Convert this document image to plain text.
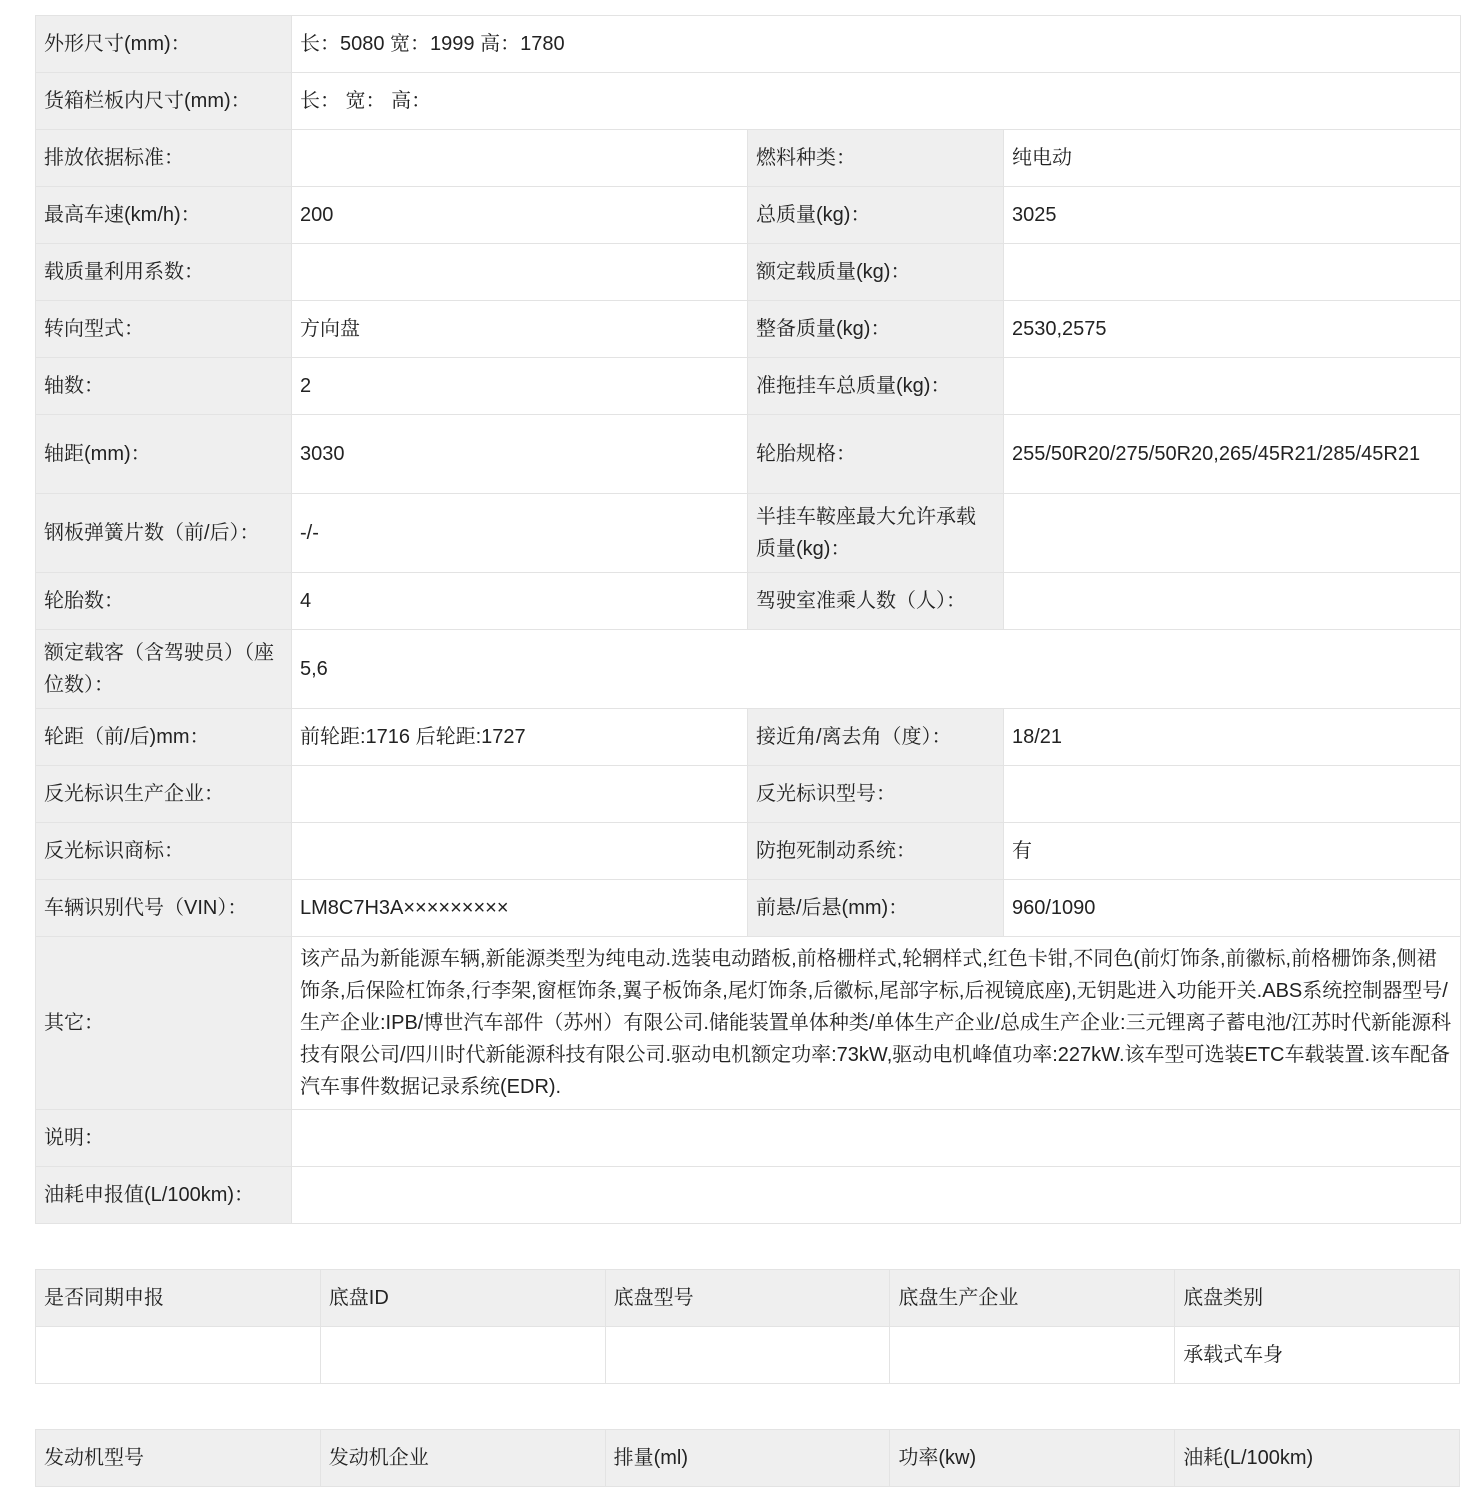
外形尺寸(mm)：	长：5080 宽：1999 高：1780		
货箱栏板内尺寸(mm)：	长： 宽： 高：		
排放依据标准：		燃料种类：	纯电动
最高车速(km/h)：	200	总质量(kg)：	3025
载质量利用系数：		额定载质量(kg)：	
转向型式：	方向盘	整备质量(kg)：	2530,2575
轴数：	2	准拖挂车总质量(kg)：	
轴距(mm)：	3030	轮胎规格：	255/50R20/275/50R20,265/45R21/285/45R21
钢板弹簧片数（前/后）：	-/-	半挂车鞍座最大允许承载质量(kg)：	
轮胎数：	4	驾驶室准乘人数（人）：	
额定载客（含驾驶员）（座位数）：	5,6		
轮距（前/后)mm：	前轮距:1716 后轮距:1727	接近角/离去角（度）：	18/21
反光标识生产企业：		反光标识型号：	
反光标识商标：		防抱死制动系统：	有
车辆识别代号（VIN）：	LM8C7H3A×××××××××	前悬/后悬(mm)：	960/1090
其它：	该产品为新能源车辆,新能源类型为纯电动.选装电动踏板,前格栅样式,轮辋样式,红色卡钳,不同色(前灯饰条,前徽标,前格栅饰条,侧裙饰条,后保险杠饰条,行李架,窗框饰条,翼子板饰条,尾灯饰条,后徽标,尾部字标,后视镜底座),无钥匙进入功能开关.ABS系统控制器型号/生产企业:IPB/博世汽车部件（苏州）有限公司.储能装置单体种类/单体生产企业/总成生产企业:三元锂离子蓄电池/江苏时代新能源科技有限公司/四川时代新能源科技有限公司.驱动电机额定功率:73kW,驱动电机峰值功率:227kW.该车型可选装ETC车载装置.该车配备汽车事件数据记录系统(EDR).		
说明：			
油耗申报值(L/100km)：			
是否同期申报	底盘ID	底盘型号	底盘生产企业	底盘类别
				承载式车身
发动机型号	发动机企业	排量(ml)	功率(kw)	油耗(L/100km)
